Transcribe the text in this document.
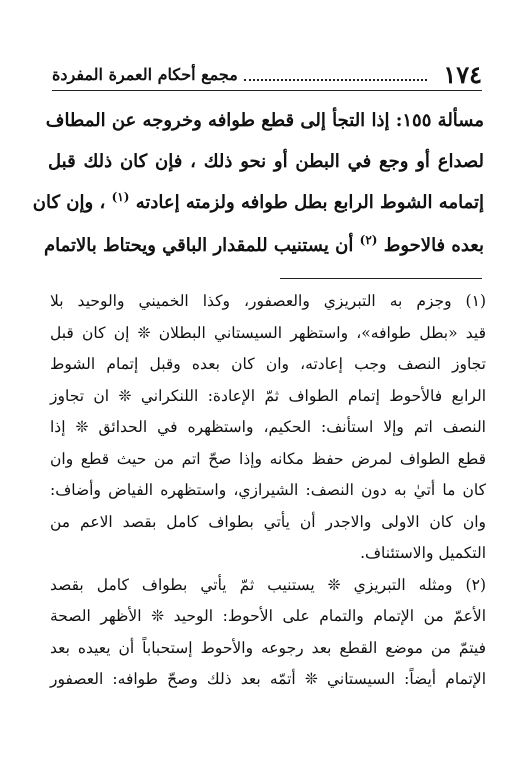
١٧٤
مجمع أحكام العمرة المفردة
مسألة ١٥٥: إذا التجأ إلى قطع طوافه وخروجه عن المطاف
لصداع أو وجع في البطن أو نحو ذلك ، فإن كان ذلك قبل
إتمامه الشوط الرابع بطل طوافه ولزمته إعادته $^{(١)}$ ، وإن كان
بعده فالاحوط $^{(٢)}$ أن يستنيب للمقدار الباقي ويحتاط بالاتمام
(١) وجزم به التبريزي والعصفور، وكذا الخميني والوحيد بلا
قيد «بطل طوافه»، واستظهر السيستاني البطلان ❊ إن كان قبل
تجاوز النصف وجب إعادته، وان كان بعده وقبل إتمام الشوط
الرابع فالأحوط إتمام الطواف ثمّ الإعادة: اللنكراني ❊ ان تجاوز
النصف اتم وإلا استأنف: الحكيم، واستظهره في الحدائق ❊ إذا
قطع الطواف لمرض حفظ مكانه وإذا صحّ اتم من حيث قطع وان
كان ما أتيٰ به دون النصف: الشيرازي، واستظهره الفياض وأضاف:
وان كان الاولى والاجدر أن يأتي بطواف كامل بقصد الاعم من
التكميل والاستئناف.
(٢) ومثله التبريزي ❊ يستنيب ثمّ يأتي بطواف كامل بقصد
الأعمّ من الإتمام والتمام على الأحوط: الوحيد ❊ الأظهر الصحة
فيتمّ من موضع القطع بعد رجوعه والأحوط إستحباباً أن يعيده بعد
الإتمام أيضاً: السيستاني ❊ أتمّه بعد ذلك وصحّ طوافه: العصفور
